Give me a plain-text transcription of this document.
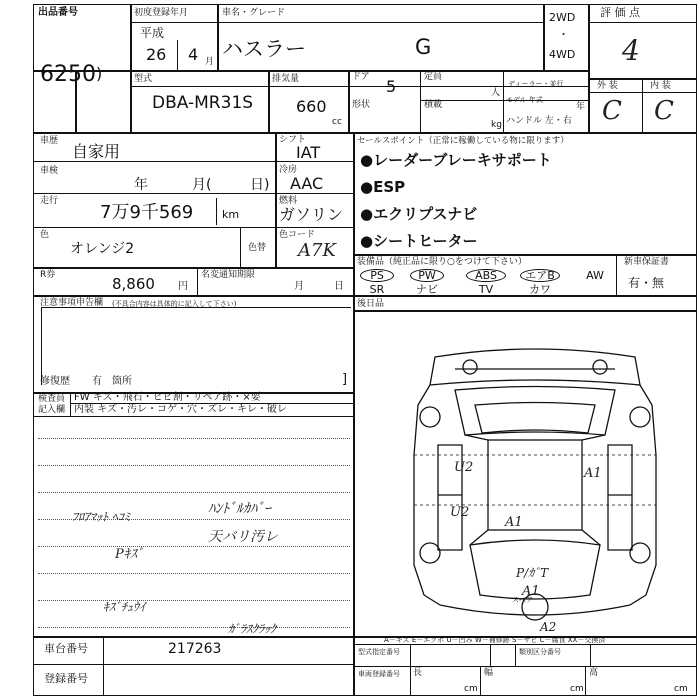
出品番号
6250 )
初度登録年月
平成
26 4 月
車名・グレード
ハスラー	G
2WD
・
4WD
評 価 点
4
外 装	内 装
C C
型式
DBA-MR31S
排気量
660
cc
ドア 5	定員
人
ディーラー・並行
形状	積載
kg
モデル 年式
年
ハンドル 左・右
車歴
自家用
シフト
IAT
冷房
AAC
燃料
ガソリン
車検
年	月(	日)
走行
7万9千569	km
色
オレンジ2	色替
色コード
A7K
R券	8,860 円
名変通知期限
月	日
セールスポイント（正常に稼働している物に限ります）
●レーダーブレーキサポート
●ESP
●エクリプスナビ
●シートヒーター
装備品（純正品に限り○をつけて下さい）	新車保証書
有・無
PS	PW	ABS	エアB	AW
SR	ナビ	TV	カワ
後日品
注意事項申告欄 (不具合内容は具体的に記入して下さい)
修復歴 有 箇所	]
検査員 記入欄
FW キズ・飛石・ヒビ割・リペア跡・×要
内装 キズ・汚レ・コゲ・穴・ズレ・キレ・破レ
ﾊﾝﾄﾞﾙｶﾊﾞｰ
天バリ汚レ
ﾌﾛｱﾏｯﾄ ﾍｺﾐ
Pｷｽﾞ
ｷｽﾞﾁｭｳｲ
ｶﾞﾗｽｸﾗｯｸ
U2
U2
A1
A1
A1
P/ｶﾞT
A2
スペア
A－キズ E－エクボ U－凹み W－補修跡 S－サビ C－腐食 XX－交換済
車台番号	217263
登録番号
型式指定番号	類別区分番号
車両登録番号 長
cm
幅
cm
高
cm
